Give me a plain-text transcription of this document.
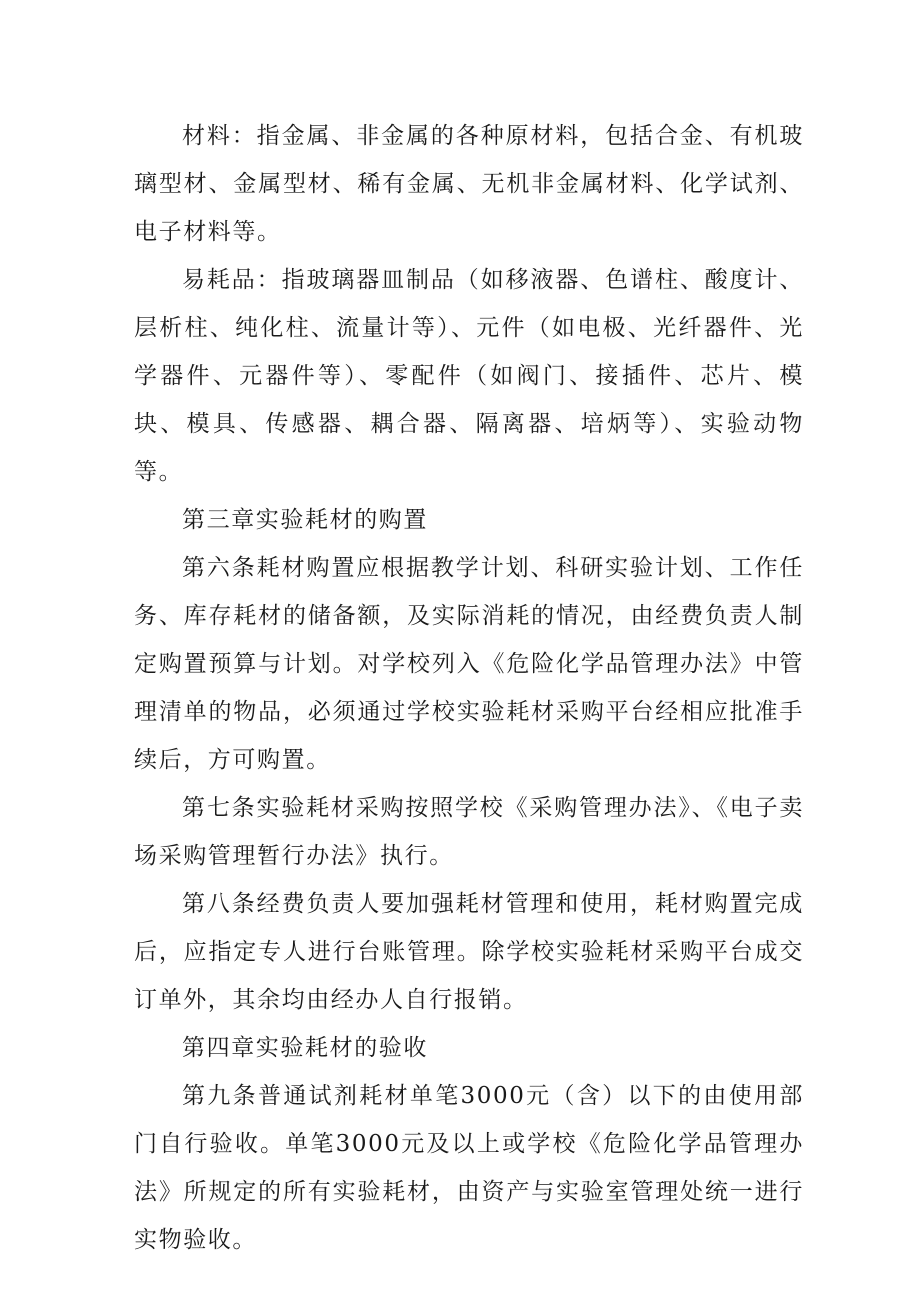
材料：指金属、非金属的各种原材料，包括合金、有机玻璃型材、金属型材、稀有金属、无机非金属材料、化学试剂、电子材料等。

易耗品：指玻璃器皿制品（如移液器、色谱柱、酸度计、层析柱、纯化柱、流量计等）、元件（如电极、光纤器件、光学器件、元器件等）、零配件（如阀门、接插件、芯片、模块、模具、传感器、耦合器、隔离器、培炳等）、实验动物等。

第三章实验耗材的购置

第六条耗材购置应根据教学计划、科研实验计划、工作任务、库存耗材的储备额，及实际消耗的情况，由经费负责人制定购置预算与计划。对学校列入《危险化学品管理办法》中管理清单的物品，必须通过学校实验耗材采购平台经相应批准手续后，方可购置。

第七条实验耗材采购按照学校《采购管理办法》、《电子卖场采购管理暂行办法》执行。

第八条经费负责人要加强耗材管理和使用，耗材购置完成后，应指定专人进行台账管理。除学校实验耗材采购平台成交订单外，其余均由经办人自行报销。

第四章实验耗材的验收

第九条普通试剂耗材单笔3000元（含）以下的由使用部门自行验收。单笔3000元及以上或学校《危险化学品管理办法》所规定的所有实验耗材，由资产与实验室管理处统一进行实物验收。
